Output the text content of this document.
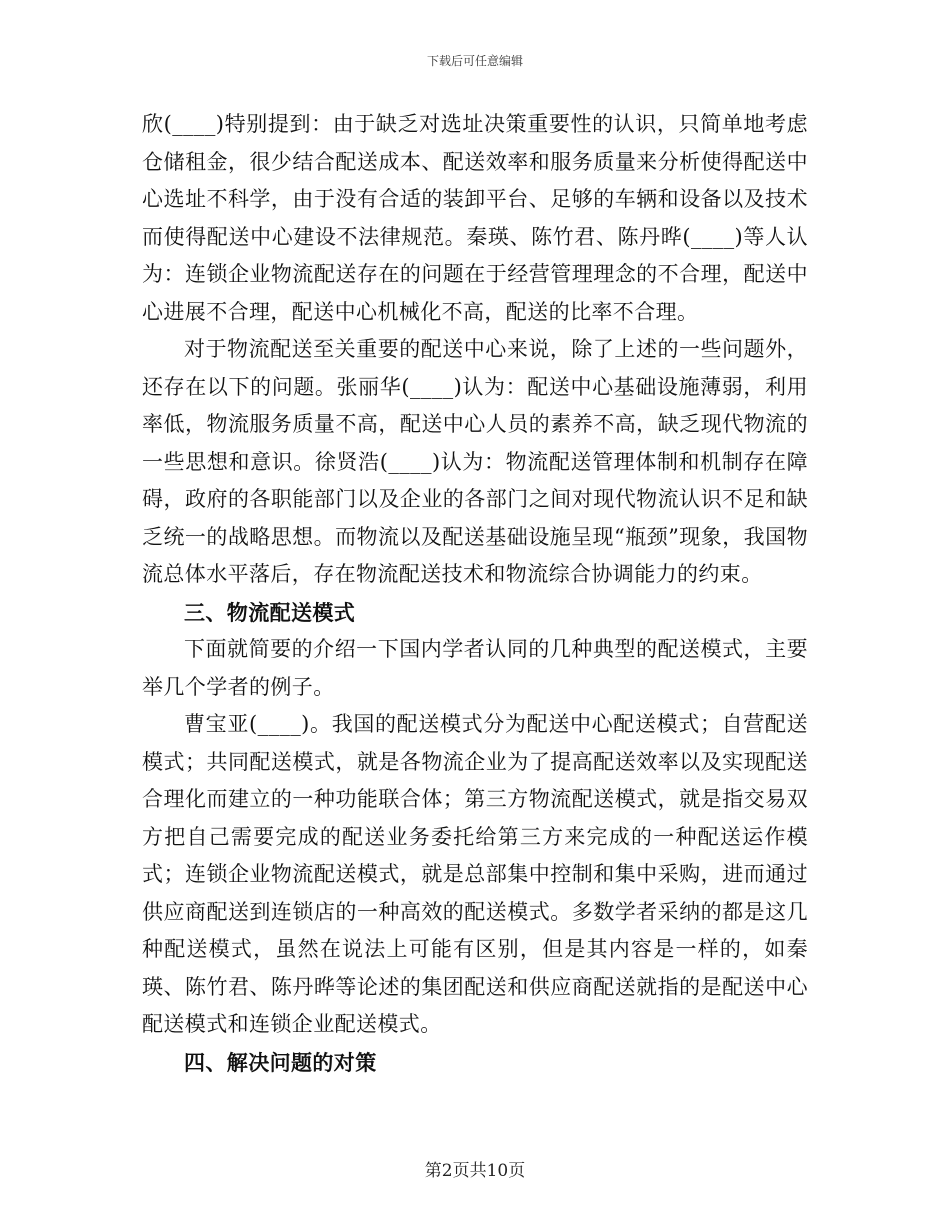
下载后可任意编辑

欣(____)特别提到：由于缺乏对选址决策重要性的认识，只简单地考虑仓储租金，很少结合配送成本、配送效率和服务质量来分析使得配送中心选址不科学，由于没有合适的装卸平台、足够的车辆和设备以及技术而使得配送中心建设不法律规范。秦瑛、陈竹君、陈丹晔(____)等人认为：连锁企业物流配送存在的问题在于经营管理理念的不合理，配送中心进展不合理，配送中心机械化不高，配送的比率不合理。

对于物流配送至关重要的配送中心来说，除了上述的一些问题外，还存在以下的问题。张丽华(____)认为：配送中心基础设施薄弱，利用率低，物流服务质量不高，配送中心人员的素养不高，缺乏现代物流的一些思想和意识。徐贤浩(____)认为：物流配送管理体制和机制存在障碍，政府的各职能部门以及企业的各部门之间对现代物流认识不足和缺乏统一的战略思想。而物流以及配送基础设施呈现“瓶颈”现象，我国物流总体水平落后，存在物流配送技术和物流综合协调能力的约束。

三、物流配送模式

下面就简要的介绍一下国内学者认同的几种典型的配送模式，主要举几个学者的例子。

曹宝亚(____)。我国的配送模式分为配送中心配送模式；自营配送模式；共同配送模式，就是各物流企业为了提高配送效率以及实现配送合理化而建立的一种功能联合体；第三方物流配送模式，就是指交易双方把自己需要完成的配送业务委托给第三方来完成的一种配送运作模式；连锁企业物流配送模式，就是总部集中控制和集中采购，进而通过供应商配送到连锁店的一种高效的配送模式。多数学者采纳的都是这几种配送模式，虽然在说法上可能有区别，但是其内容是一样的，如秦瑛、陈竹君、陈丹晔等论述的集团配送和供应商配送就指的是配送中心配送模式和连锁企业配送模式。

四、解决问题的对策
第2页共10页
